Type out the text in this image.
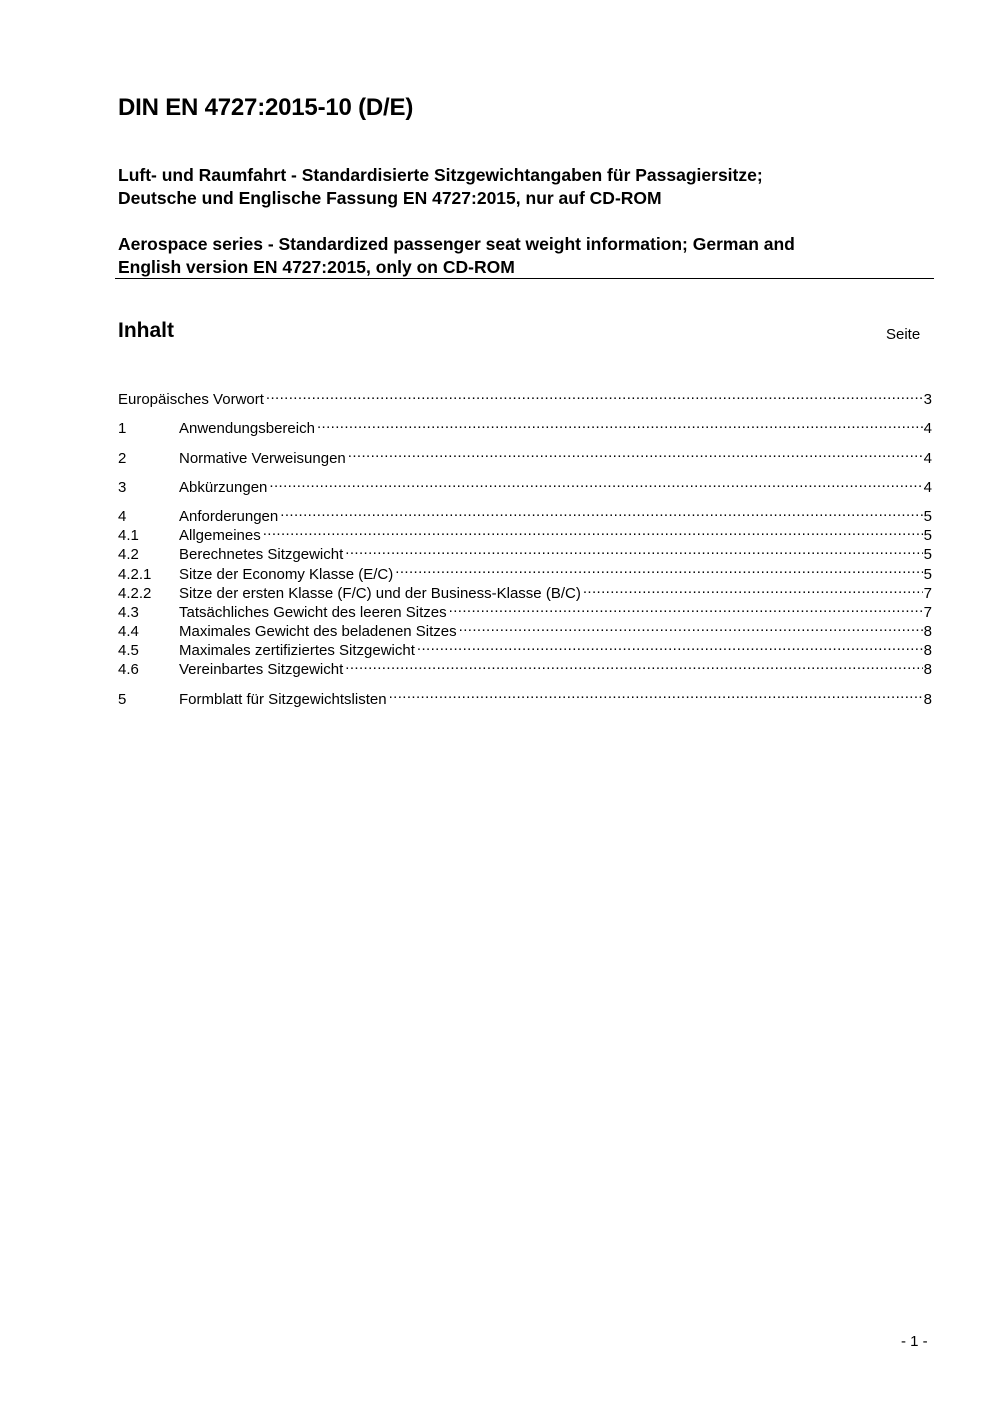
DIN EN 4727:2015-10 (D/E)

Luft- und Raumfahrt - Standardisierte Sitzgewichtangaben für Passagiersitze;
Deutsche und Englische Fassung EN 4727:2015, nur auf CD-ROM

Aerospace series - Standardized passenger seat weight information; German and
English version EN 4727:2015, only on CD-ROM

Inhalt	Seite
Europäisches Vorwort .....	3
1	Anwendungsbereich .....	4
2	Normative Verweisungen .....	4
3	Abkürzungen .....	4
4	Anforderungen .....	5
4.1	Allgemeines .....	5
4.2	Berechnetes Sitzgewicht .....	5
4.2.1	Sitze der Economy Klasse (E/C) .....	5
4.2.2	Sitze der ersten Klasse (F/C) und der Business-Klasse (B/C) .....	7
4.3	Tatsächliches Gewicht des leeren Sitzes .....	7
4.4	Maximales Gewicht des beladenen Sitzes .....	8
4.5	Maximales zertifiziertes Sitzgewicht .....	8
4.6	Vereinbartes Sitzgewicht .....	8
5	Formblatt für Sitzgewichtslisten .....	8
- 1 -
